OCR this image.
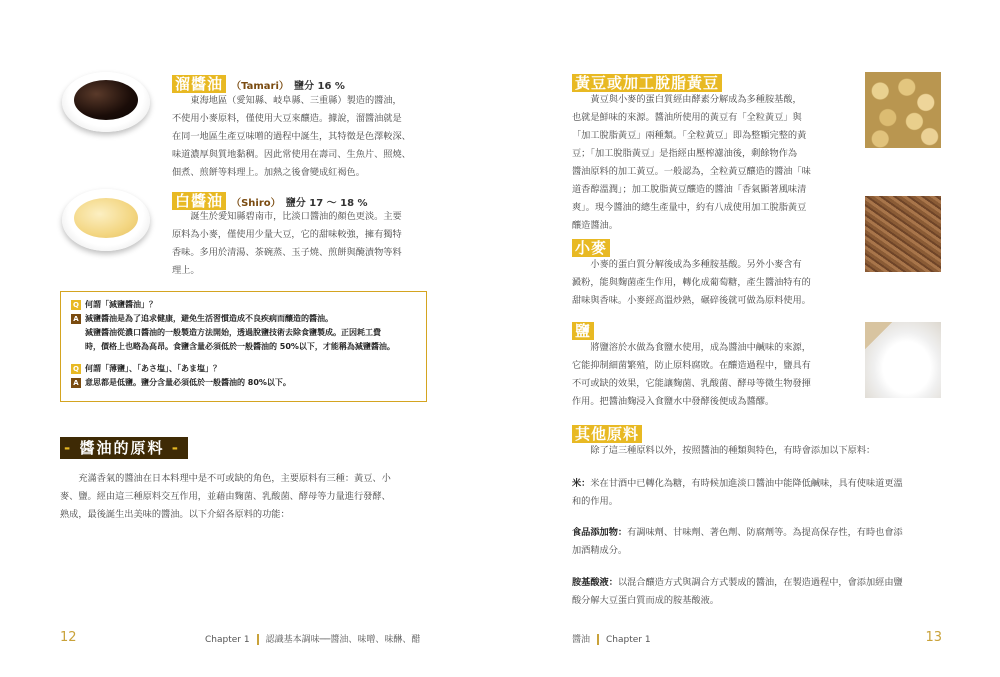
溜醬油 （Tamari） 鹽分 16 %
東海地區（愛知縣、岐阜縣、三重縣）製造的醬油，
不使用小麥原料，僅使用大豆來釀造。據說，溜醬油就是
在同一地區生產豆味噌的過程中誕生，其特徵是色澤較深、
味道濃厚與質地黏稠。因此常使用在壽司、生魚片、照燒、
佃煮、煎餅等料理上。加熱之後會變成紅褐色。
白醬油 （Shiro） 鹽分 17 ～ 18 %
誕生於愛知縣碧南市，比淡口醬油的顏色更淡。主要
原料為小麥，僅使用少量大豆，它的甜味較強，擁有獨特
香味。多用於清湯、茶碗蒸、玉子燒、煎餅與醃漬物等料
理上。
Q 何謂「減鹽醬油」？
A 減鹽醬油是為了追求健康，避免生活習慣造成不良疾病而釀造的醬油。
減鹽醬油從濃口醬油的一般製造方法開始，透過脫鹽技術去除食鹽製成。正因耗工費
時，價格上也略為高昂。食鹽含量必須低於一般醬油的 50%以下，才能稱為減鹽醬油。
Q 何謂「薄鹽」、「あさ塩」、「あま塩」？
A 意思都是低鹽。鹽分含量必須低於一般醬油的 80%以下。
- 醬油的原料 -
充滿香氣的醬油在日本料理中是不可或缺的角色，主要原料有三種：黃豆、小
麥、鹽。經由這三種原料交互作用，並藉由麴菌、乳酸菌、酵母等力量進行發酵、
熟成，最後誕生出美味的醬油。以下介紹各原料的功能：
12	Chapter 1 認識基本調味──醬油、味噌、味醂、醋
黃豆或加工脫脂黃豆
黃豆與小麥的蛋白質經由酵素分解成為多種胺基酸，
也就是鮮味的來源。醬油所使用的黃豆有「全粒黃豆」與
「加工脫脂黃豆」兩種類。「全粒黃豆」即為整顆完整的黃
豆；「加工脫脂黃豆」是指經由壓榨濾油後，剩餘物作為
醬油原料的加工黃豆。一般認為，全粒黃豆釀造的醬油「味
道香醇溫潤」；加工脫脂黃豆釀造的醬油「香氣顯著風味清
爽」。現今醬油的總生產量中，約有八成使用加工脫脂黃豆
釀造醬油。
小麥
小麥的蛋白質分解後成為多種胺基酸。另外小麥含有
澱粉，能與麴菌產生作用，轉化成葡萄糖，產生醬油特有的
甜味與香味。小麥經高溫炒熟，碾碎後就可做為原料使用。
鹽
將鹽溶於水做為食鹽水使用，成為醬油中鹹味的來源，
它能抑制細菌繁殖，防止原料腐敗。在釀造過程中，鹽具有
不可或缺的效果，它能讓麴菌、乳酸菌、酵母等微生物發揮
作用。把醬油麴浸入食鹽水中發酵後便成為醬醪。
其他原料
除了這三種原料以外，按照醬油的種類與特色，有時會添加以下原料：
米：米在甘酒中已轉化為糖，有時候加進淡口醬油中能降低鹹味，具有使味道更溫
和的作用。
食品添加物：有調味劑、甘味劑、著色劑、防腐劑等。為提高保存性，有時也會添
加酒精成分。
胺基酸液：以混合釀造方式與調合方式製成的醬油，在製造過程中，會添加經由鹽
酸分解大豆蛋白質而成的胺基酸液。
醬油 Chapter 1	13
